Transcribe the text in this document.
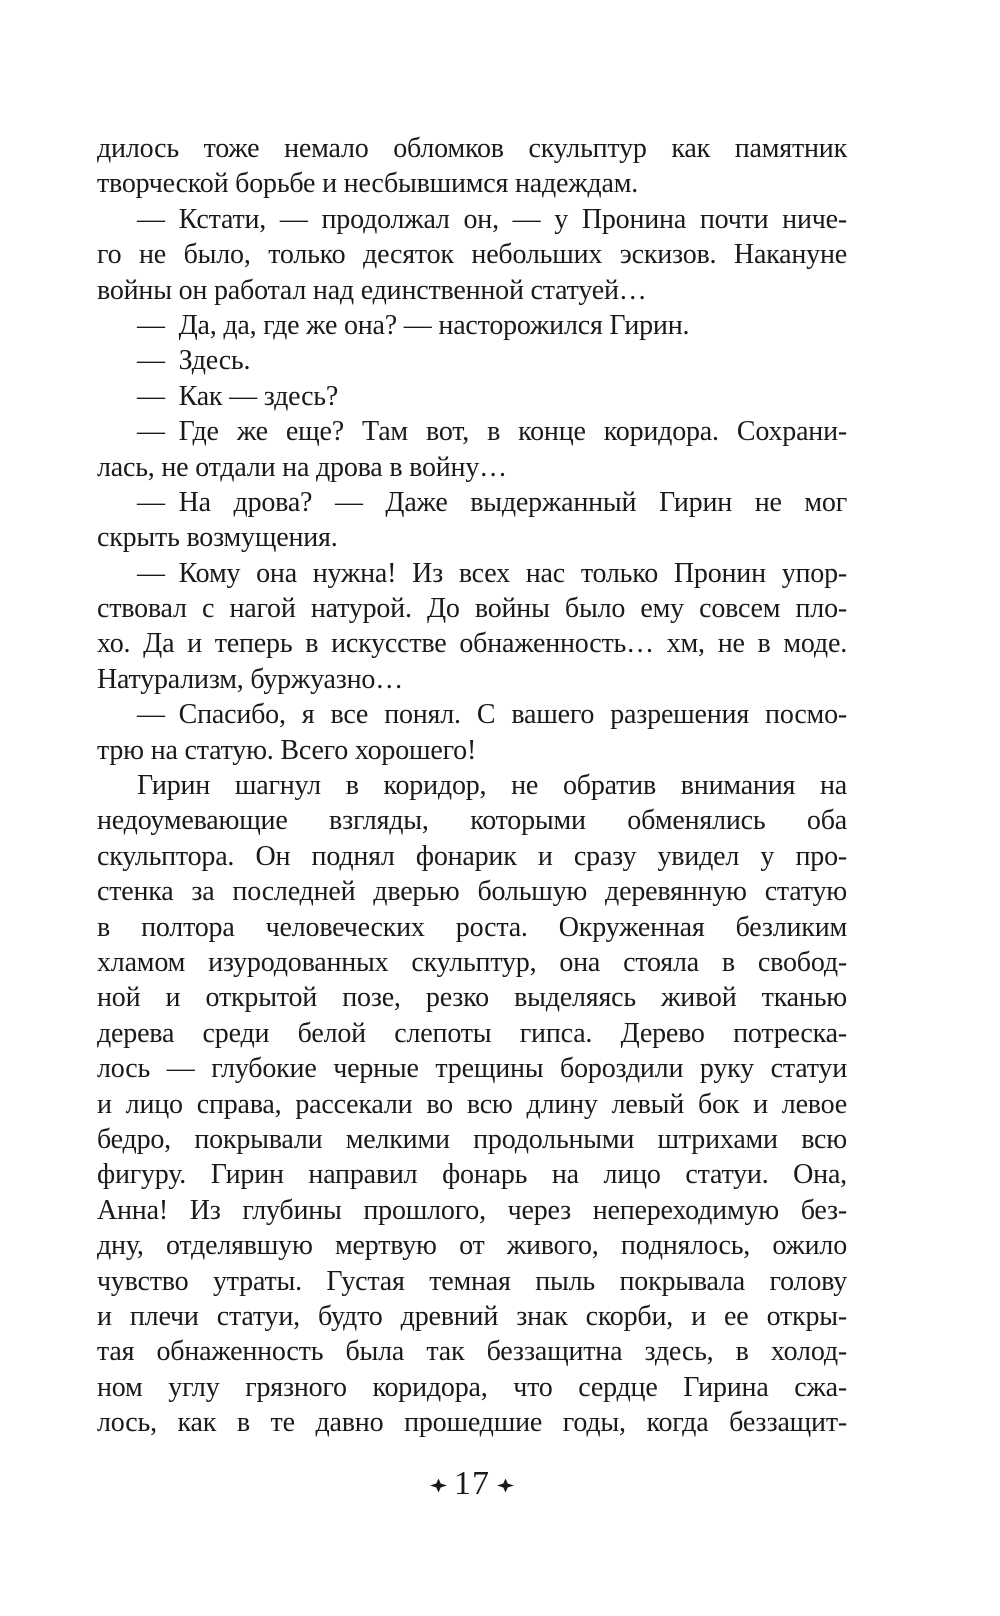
дилось тоже немало обломков скульптур как памятник
творческой борьбе и несбывшимся надеждам.
— Кстати, — продолжал он, — у Пронина почти ниче-
го не было, только десяток небольших эскизов. Накануне
войны он работал над единственной статуей…
— Да, да, где же она? — насторожился Гирин.
— Здесь.
— Как — здесь?
— Где же еще? Там вот, в конце коридора. Сохрани-
лась, не отдали на дрова в войну…
— На дрова? — Даже выдержанный Гирин не мог
скрыть возмущения.
— Кому она нужна! Из всех нас только Пронин упор-
ствовал с нагой натурой. До войны было ему совсем пло-
хо. Да и теперь в искусстве обнаженность… хм, не в моде.
Натурализм, буржуазно…
— Спасибо, я все понял. С вашего разрешения посмо-
трю на статую. Всего хорошего!
Гирин шагнул в коридор, не обратив внимания на
недоумевающие взгляды, которыми обменялись оба
скульптора. Он поднял фонарик и сразу увидел у про-
стенка за последней дверью большую деревянную статую
в полтора человеческих роста. Окруженная безликим
хламом изуродованных скульптур, она стояла в свобод-
ной и открытой позе, резко выделяясь живой тканью
дерева среди белой слепоты гипса. Дерево потреска-
лось — глубокие черные трещины бороздили руку статуи
и лицо справа, рассекали во всю длину левый бок и левое
бедро, покрывали мелкими продольными штрихами всю
фигуру. Гирин направил фонарь на лицо статуи. Она,
Анна! Из глубины прошлого, через непереходимую без-
дну, отделявшую мертвую от живого, поднялось, ожило
чувство утраты. Густая темная пыль покрывала голову
и плечи статуи, будто древний знак скорби, и ее откры-
тая обнаженность была так беззащитна здесь, в холод-
ном углу грязного коридора, что сердце Гирина сжа-
лось, как в те давно прошедшие годы, когда беззащит-
17
